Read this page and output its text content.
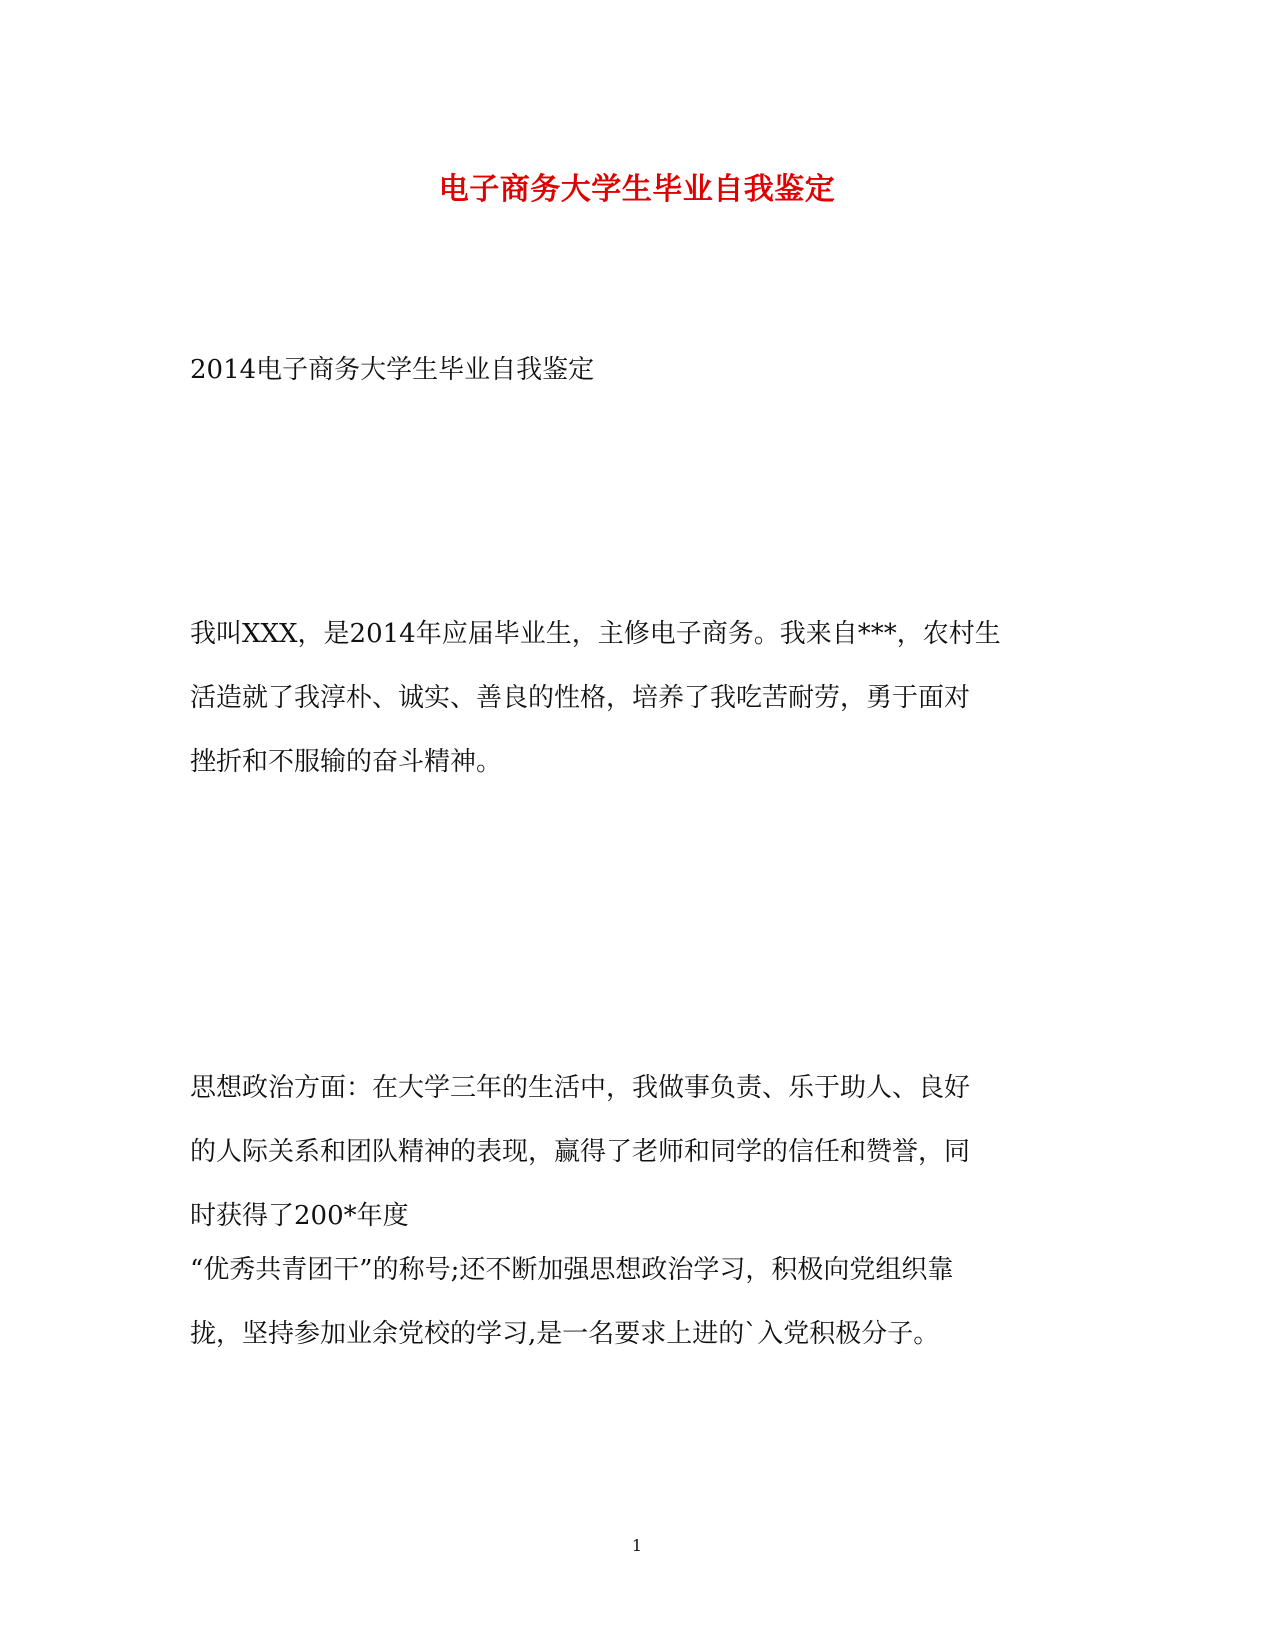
电子商务大学生毕业自我鉴定
2014电子商务大学生毕业自我鉴定
我叫XXX，是2014年应届毕业生，主修电子商务。我来自***，农村生
活造就了我淳朴、诚实、善良的性格，培养了我吃苦耐劳，勇于面对
挫折和不服输的奋斗精神。
思想政治方面：在大学三年的生活中，我做事负责、乐于助人、良好
的人际关系和团队精神的表现，赢得了老师和同学的信任和赞誉，同
时获得了200*年度
“优秀共青团干”的称号;还不断加强思想政治学习，积极向党组织靠
拢，坚持参加业余党校的学习,是一名要求上进的`入党积极分子。
1
